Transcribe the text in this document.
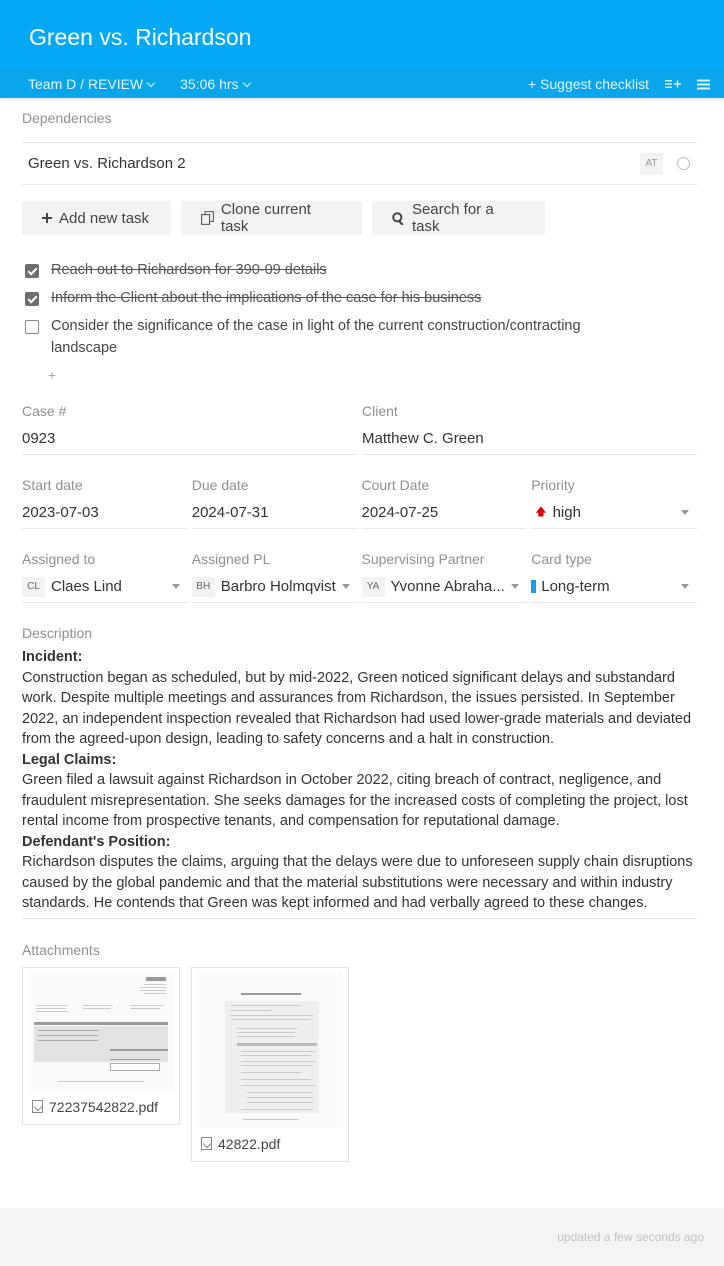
Green vs. Richardson
Team D / REVIEW	35:06 hrs	+ Suggest checklist
Dependencies
Green vs. Richardson 2	AT
Add new task	Clone current task
Search for a task
Reach out to Richardson for 390-09 details
Inform the Client about the implications of the case for his business
Consider the significance of the case in light of the current construction/contracting landscape
+
Case #
0923
Client
Matthew C. Green
Start date
2023-07-03
Due date
2024-07-31
Court Date
2024-07-25
Priority
🡅 high
Assigned to
CL Claes Lind
Assigned PL
BH Barbro Holmqvist
Supervising Partner
YA Yvonne Abraha...
Card type
Long-term
Description
Incident:
Construction began as scheduled, but by mid-2022, Green noticed significant delays and substandard work. Despite multiple meetings and assurances from Richardson, the issues persisted. In September 2022, an independent inspection revealed that Richardson had used lower-grade materials and deviated from the agreed-upon design, leading to safety concerns and a halt in construction.
Legal Claims:
Green filed a lawsuit against Richardson in October 2022, citing breach of contract, negligence, and fraudulent misrepresentation. She seeks damages for the increased costs of completing the project, lost rental income from prospective tenants, and compensation for reputational damage.
Defendant's Position:
Richardson disputes the claims, arguing that the delays were due to unforeseen supply chain disruptions caused by the global pandemic and that the material substitutions were necessary and within industry standards. He contends that Green was kept informed and had verbally agreed to these changes.
Attachments
72237542822.pdf
42822.pdf
updated a few seconds ago
